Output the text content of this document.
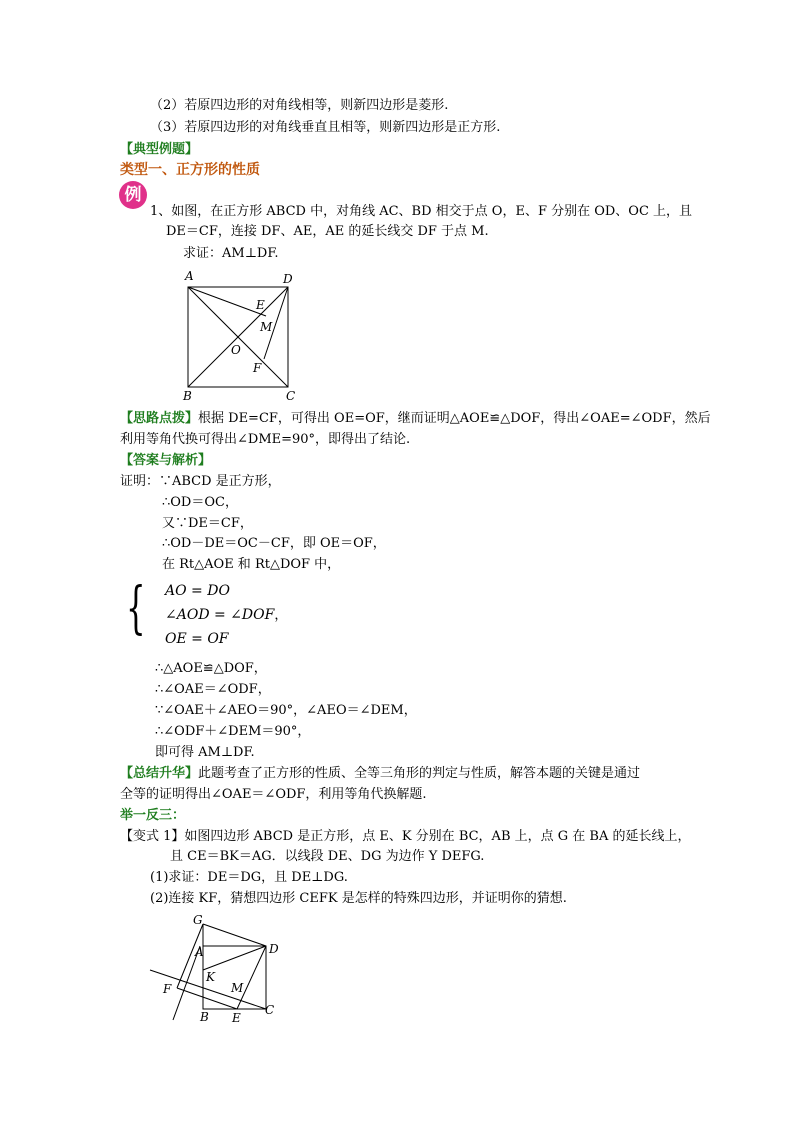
（2）若原四边形的对角线相等，则新四边形是菱形.
（3）若原四边形的对角线垂直且相等，则新四边形是正方形.
【典型例题】
类型一、正方形的性质
例
1、如图，在正方形 ABCD 中，对角线 AC、BD 相交于点 O，E、F 分别在 OD、OC 上，且
DE＝CF，连接 DF、AE，AE 的延长线交 DF 于点 M.
求证：AM⊥DF.
A	D
E
M
O
F
B	C
【思路点拨】根据 DE=CF，可得出 OE=OF，继而证明△AOE≌△DOF，得出∠OAE=∠ODF，然后
利用等角代换可得出∠DME=90°，即得出了结论.
【答案与解析】
证明：∵ABCD 是正方形，
∴OD＝OC，
又∵DE＝CF，
∴OD－DE＝OC－CF，即 OE＝OF，
在 Rt△AOE 和 Rt△DOF 中，
{ AO = DO
∠AOD = ∠DOF，
OE = OF
∴△AOE≌△DOF，
∴∠OAE＝∠ODF，
∵∠OAE＋∠AEO＝90°，∠AEO＝∠DEM，
∴∠ODF＋∠DEM＝90°，
即可得 AM⊥DF.
【总结升华】此题考查了正方形的性质、全等三角形的判定与性质，解答本题的关键是通过
全等的证明得出∠OAE＝∠ODF，利用等角代换解题.
举一反三：
【变式 1】如图四边形 ABCD 是正方形，点 E、K 分别在 BC，AB 上，点 G 在 BA 的延长线上，
且 CE＝BK＝AG．以线段 DE、DG 为边作 Y DEFG.
(1)求证：DE＝DG，且 DE⊥DG.
(2)连接 KF，猜想四边形 CEFK 是怎样的特殊四边形，并证明你的猜想.
G
A	D
K
F	M
B E
C
